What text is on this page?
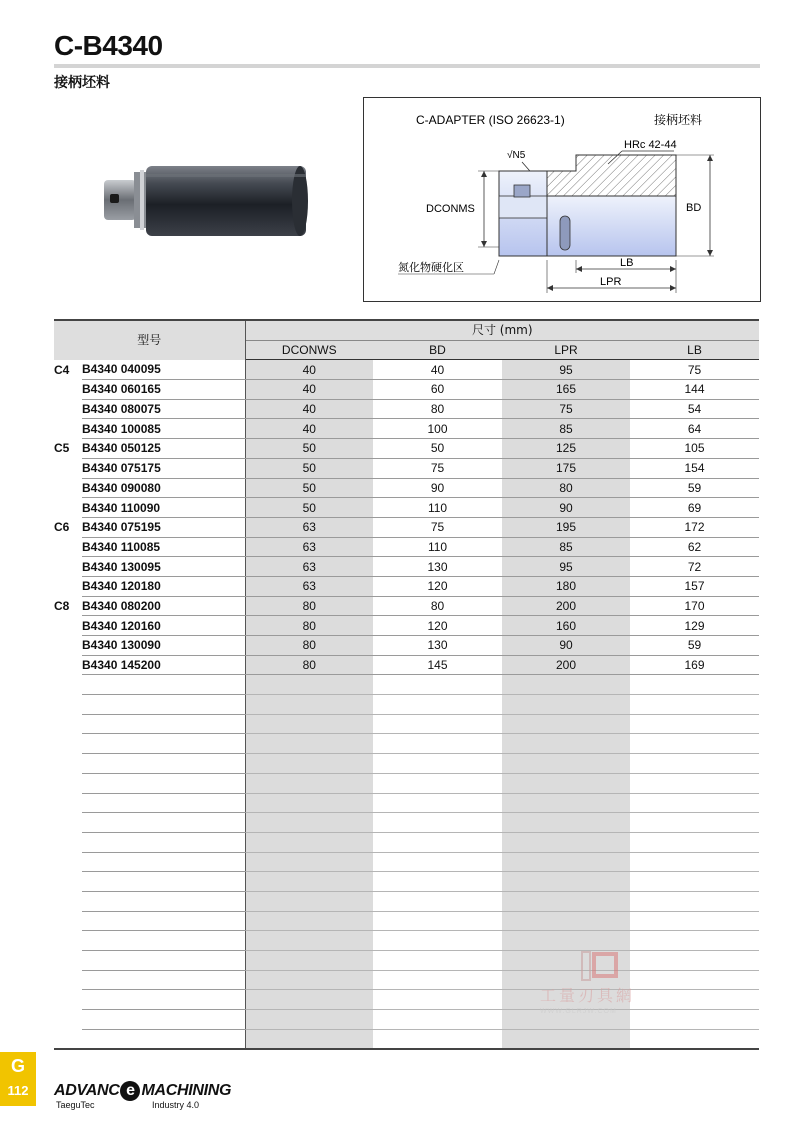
C-B4340
接柄坯料
C-ADAPTER (ISO 26623-1)	接柄坯料
HRc 42-44
√N5
DCONMS	BD
氮化物硬化区	LB
LPR
型号		尺寸 (mm)			
		DCONWS	BD	LPR	LB
C4	B4340 040095	40	40	95	75
	B4340 060165	40	60	165	144
	B4340 080075	40	80	75	54
	B4340 100085	40	100	85	64
C5	B4340 050125	50	50	125	105
	B4340 075175	50	75	175	154
	B4340 090080	50	90	80	59
	B4340 110090	50	110	90	69
C6	B4340 075195	63	75	195	172
	B4340 110085	63	110	85	62
	B4340 130095	63	130	95	72
	B4340 120180	63	120	180	157
C8	B4340 080200	80	80	200	170
	B4340 120160	80	120	160	129
	B4340 130090	80	130	90	59
	B4340 145200	80	145	200	169

工量刃具網
WWW.GLRJW.COM
G
112	ADVANC e MACHINING
TaeguTec	Industry 4.0
